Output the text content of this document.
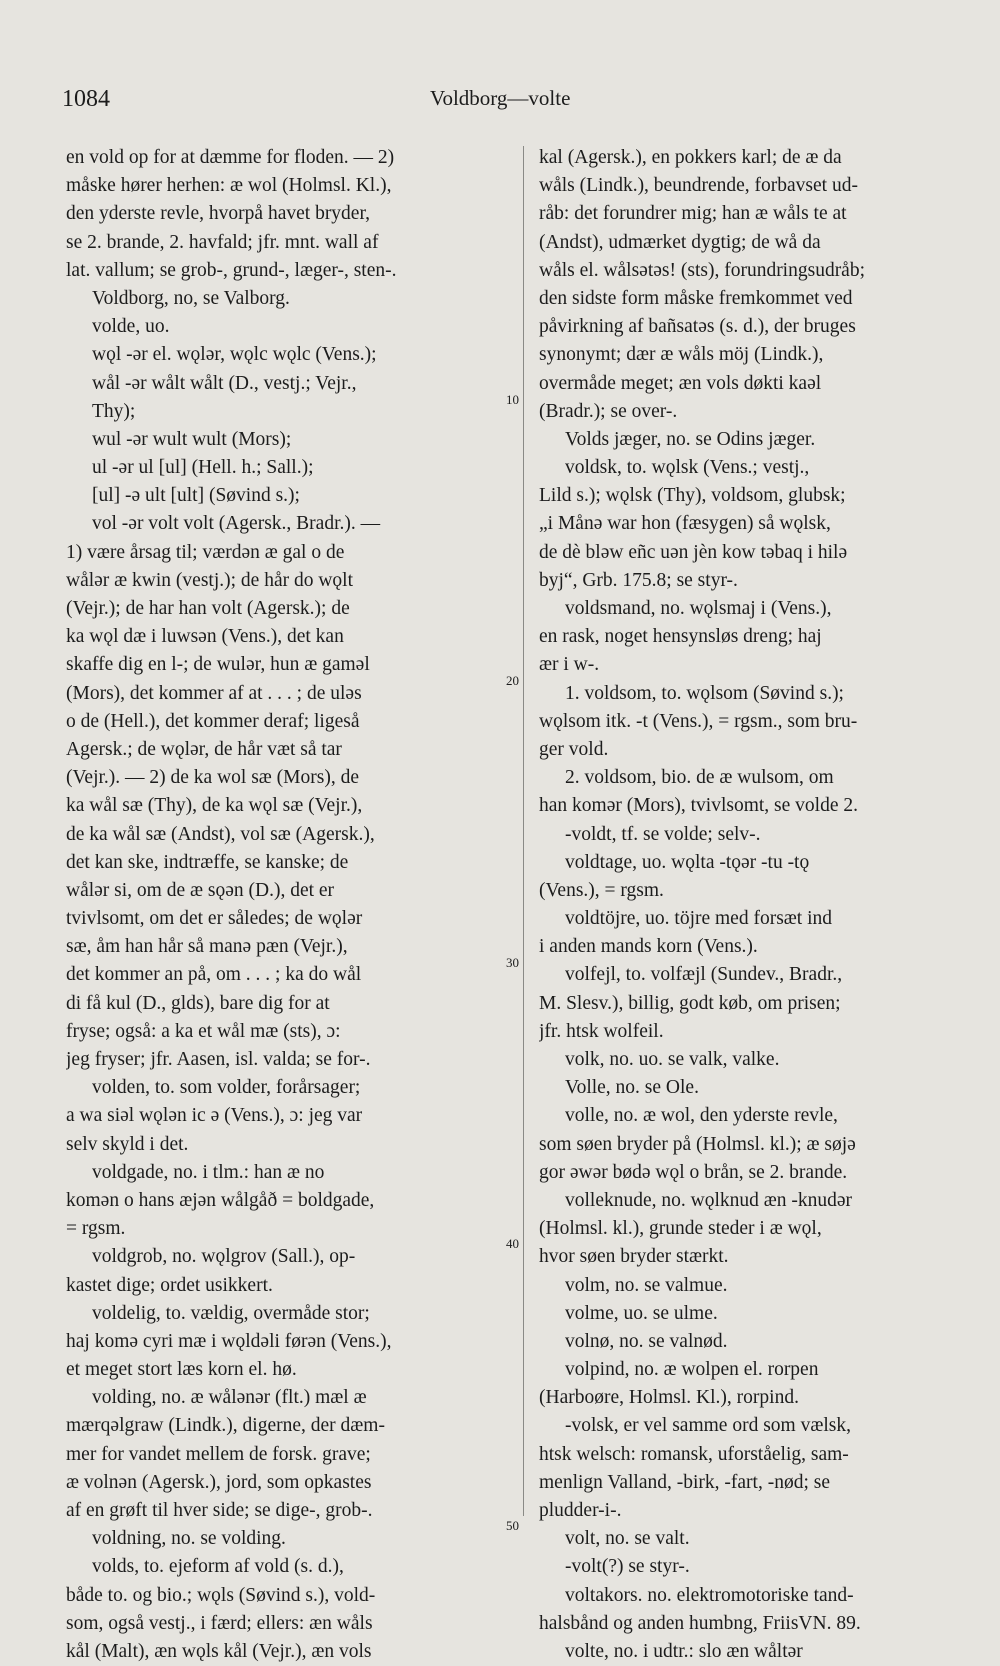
1084	Voldborg—volte
en vold op for at dæmme for floden. — 2)
måske hører herhen: æ wol (Holmsl. Kl.),
den yderste revle, hvorpå havet bryder,
se 2. brande, 2. havfald; jfr. mnt. wall af
lat. vallum; se grob-, grund-, læger-, sten-.
Voldborg, no, se Valborg.
volde, uo.
wǫl -ər el. wǫlər, wǫlc wǫlc (Vens.);
wål -ər wålt wålt (D., vestj.; Vejr.,
Thy);
wul -ər wult wult (Mors);
ul -ər ul [ul] (Hell. h.; Sall.);
[ul] -ə ult [ult] (Søvind s.);
vol -ər volt volt (Agersk., Bradr.). —
1) være årsag til; værdən æ gal o de
wålər æ kwin (vestj.); de hår do wǫlt
(Vejr.); de har han volt (Agersk.); de
ka wǫl dæ i luwsən (Vens.), det kan
skaffe dig en l-; de wulər, hun æ gaməl
(Mors), det kommer af at . . . ; de uləs
o de (Hell.), det kommer deraf; ligeså
Agersk.; de wǫlər, de hår væt så tar
(Vejr.). — 2) de ka wol sæ (Mors), de
ka wål sæ (Thy), de ka wǫl sæ (Vejr.),
de ka wål sæ (Andst), vol sæ (Agersk.),
det kan ske, indtræffe, se kanske; de
wålər si, om de æ sǫən (D.), det er
tvivlsomt, om det er således; de wǫlər
sæ, åm han hår så manə pæn (Vejr.),
det kommer an på, om . . . ; ka do wål
di få kul (D., glds), bare dig for at
fryse; også: a ka et wål mæ (sts), ɔ:
jeg fryser; jfr. Aasen, isl. valda; se for-.
volden, to. som volder, forårsager;
a wa siəl wǫlən ic ə (Vens.), ɔ: jeg var
selv skyld i det.
voldgade, no. i tlm.: han æ no
komən o hans æjən wålgåð = boldgade,
= rgsm.
voldgrob, no. wǫlgrov (Sall.), op-
kastet dige; ordet usikkert.
voldelig, to. vældig, overmåde stor;
haj komə cyri mæ i wǫldəli førən (Vens.),
et meget stort læs korn el. hø.
volding, no. æ wålənər (flt.) mæl æ
mærqəlgraw (Lindk.), digerne, der dæm-
mer for vandet mellem de forsk. grave;
æ volnən (Agersk.), jord, som opkastes
af en grøft til hver side; se dige-, grob-.
voldning, no. se volding.
volds, to. ejeform af vold (s. d.),
både to. og bio.; wǫls (Søvind s.), vold-
som, også vestj., i færd; ellers: æn wåls
kål (Malt), æn wǫls kål (Vejr.), æn vols
kal (Agersk.), en pokkers karl; de æ da
wåls (Lindk.), beundrende, forbavset ud-
råb: det forundrer mig; han æ wåls te at
(Andst), udmærket dygtig; de wå da
wåls el. wålsətəs! (sts), forundringsudråb;
den sidste form måske fremkommet ved
påvirkning af bañsatəs (s. d.), der bruges
synonymt; dær æ wåls möj (Lindk.),
overmåde meget; æn vols døkti kaəl
(Bradr.); se over-.
Volds jæger, no. se Odins jæger.
voldsk, to. wǫlsk (Vens.; vestj.,
Lild s.); wǫlsk (Thy), voldsom, glubsk;
„i Månə war hon (fæsygen) så wǫlsk,
de dè bləw eñc uən jèn kow təbaq i hilə
byj“, Grb. 175.8; se styr-.
voldsmand, no. wǫlsmaj i (Vens.),
en rask, noget hensynsløs dreng; haj
ær i w-.
1. voldsom, to. wǫlsom (Søvind s.);
wǫlsom itk. -t (Vens.), = rgsm., som bru-
ger vold.
2. voldsom, bio. de æ wulsom, om
han komər (Mors), tvivlsomt, se volde 2.
-voldt, tf. se volde; selv-.
voldtage, uo. wǫlta -tǫər -tu -tǫ
(Vens.), = rgsm.
voldtöjre, uo. töjre med forsæt ind
i anden mands korn (Vens.).
volfejl, to. volfæjl (Sundev., Bradr.,
M. Slesv.), billig, godt køb, om prisen;
jfr. htsk wolfeil.
volk, no. uo. se valk, valke.
Volle, no. se Ole.
volle, no. æ wol, den yderste revle,
som søen bryder på (Holmsl. kl.); æ søjə
gor əwər bødə wǫl o brån, se 2. brande.
volleknude, no. wǫlknud æn -knudər
(Holmsl. kl.), grunde steder i æ wǫl,
hvor søen bryder stærkt.
volm, no. se valmue.
volme, uo. se ulme.
volnø, no. se valnød.
volpind, no. æ wolpen el. rorpen
(Harboøre, Holmsl. Kl.), rorpind.
-volsk, er vel samme ord som vælsk,
htsk welsch: romansk, uforståelig, sam-
menlign Valland, -birk, -fart, -nød; se
pludder-i-.
volt, no. se valt.
-volt(?) se styr-.
voltakors. no. elektromotoriske tand-
halsbånd og anden humbng, FriisVN. 89.
volte, no. i udtr.: slo æn wåltər
10
20
30
40
50
